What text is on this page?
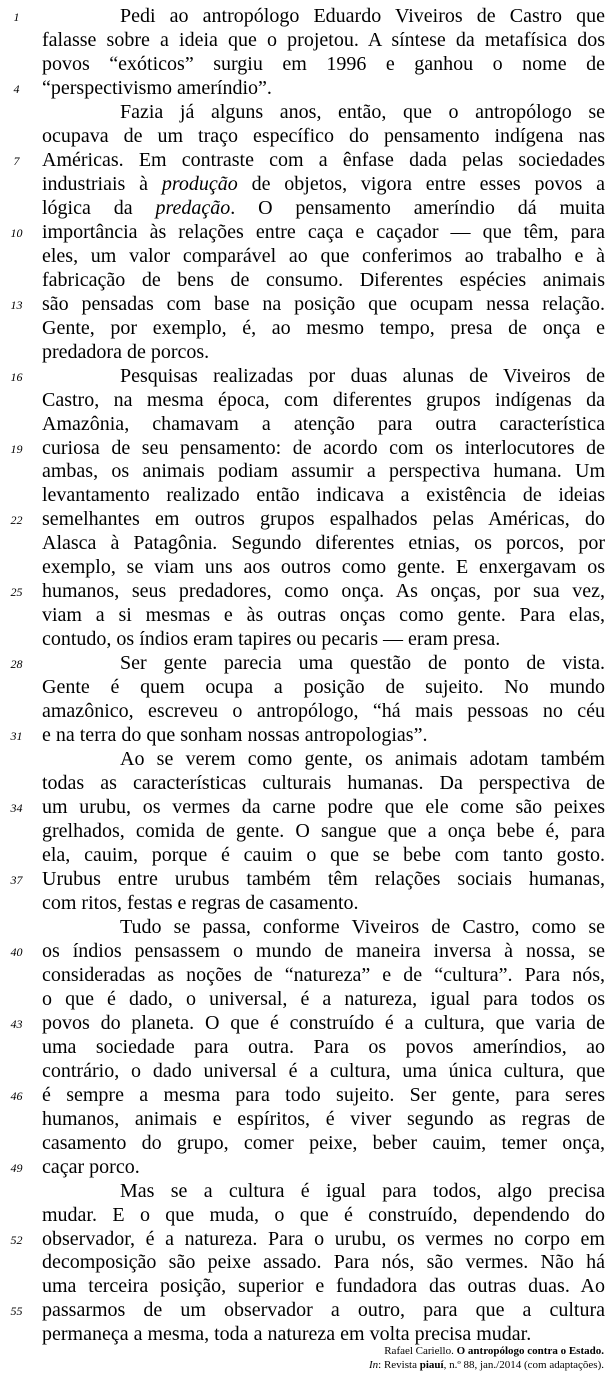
1	Pedi ao antropólogo Eduardo Viveiros de Castro que
falasse sobre a ideia que o projetou. A síntese da metafísica dos
povos “exóticos” surgiu em 1996 e ganhou o nome de
4	“perspectivismo ameríndio”.
Fazia já alguns anos, então, que o antropólogo se
ocupava de um traço específico do pensamento indígena nas
7	Américas. Em contraste com a ênfase dada pelas sociedades
industriais à produção de objetos, vigora entre esses povos a
lógica da predação. O pensamento ameríndio dá muita
10 importância às relações entre caça e caçador — que têm, para
eles, um valor comparável ao que conferimos ao trabalho e à
fabricação de bens de consumo. Diferentes espécies animais
13 são pensadas com base na posição que ocupam nessa relação.
Gente, por exemplo, é, ao mesmo tempo, presa de onça e
predadora de porcos.
16	Pesquisas realizadas por duas alunas de Viveiros de
Castro, na mesma época, com diferentes grupos indígenas da
Amazônia, chamavam a atenção para outra característica
19 curiosa de seu pensamento: de acordo com os interlocutores de
ambas, os animais podiam assumir a perspectiva humana. Um
levantamento realizado então indicava a existência de ideias
22 semelhantes em outros grupos espalhados pelas Américas, do
Alasca à Patagônia. Segundo diferentes etnias, os porcos, por
exemplo, se viam uns aos outros como gente. E enxergavam os
25 humanos, seus predadores, como onça. As onças, por sua vez,
viam a si mesmas e às outras onças como gente. Para elas,
contudo, os índios eram tapires ou pecaris — eram presa.
28	Ser gente parecia uma questão de ponto de vista.
Gente é quem ocupa a posição de sujeito. No mundo
amazônico, escreveu o antropólogo, “há mais pessoas no céu
31 e na terra do que sonham nossas antropologias”.
Ao se verem como gente, os animais adotam também
todas as características culturais humanas. Da perspectiva de
34 um urubu, os vermes da carne podre que ele come são peixes
grelhados, comida de gente. O sangue que a onça bebe é, para
ela, cauim, porque é cauim o que se bebe com tanto gosto.
37 Urubus entre urubus também têm relações sociais humanas,
com ritos, festas e regras de casamento.
Tudo se passa, conforme Viveiros de Castro, como se
40 os índios pensassem o mundo de maneira inversa à nossa, se
consideradas as noções de “natureza” e de “cultura”. Para nós,
o que é dado, o universal, é a natureza, igual para todos os
43 povos do planeta. O que é construído é a cultura, que varia de
uma sociedade para outra. Para os povos ameríndios, ao
contrário, o dado universal é a cultura, uma única cultura, que
46 é sempre a mesma para todo sujeito. Ser gente, para seres
humanos, animais e espíritos, é viver segundo as regras de
casamento do grupo, comer peixe, beber cauim, temer onça,
49 caçar porco.
Mas se a cultura é igual para todos, algo precisa
mudar. E o que muda, o que é construído, dependendo do
52 observador, é a natureza. Para o urubu, os vermes no corpo em
decomposição são peixe assado. Para nós, são vermes. Não há
uma terceira posição, superior e fundadora das outras duas. Ao
55 passarmos de um observador a outro, para que a cultura
permaneça a mesma, toda a natureza em volta precisa mudar.
Rafael Cariello. O antropólogo contra o Estado.
In: Revista piauí, n.º 88, jan./2014 (com adaptações).
